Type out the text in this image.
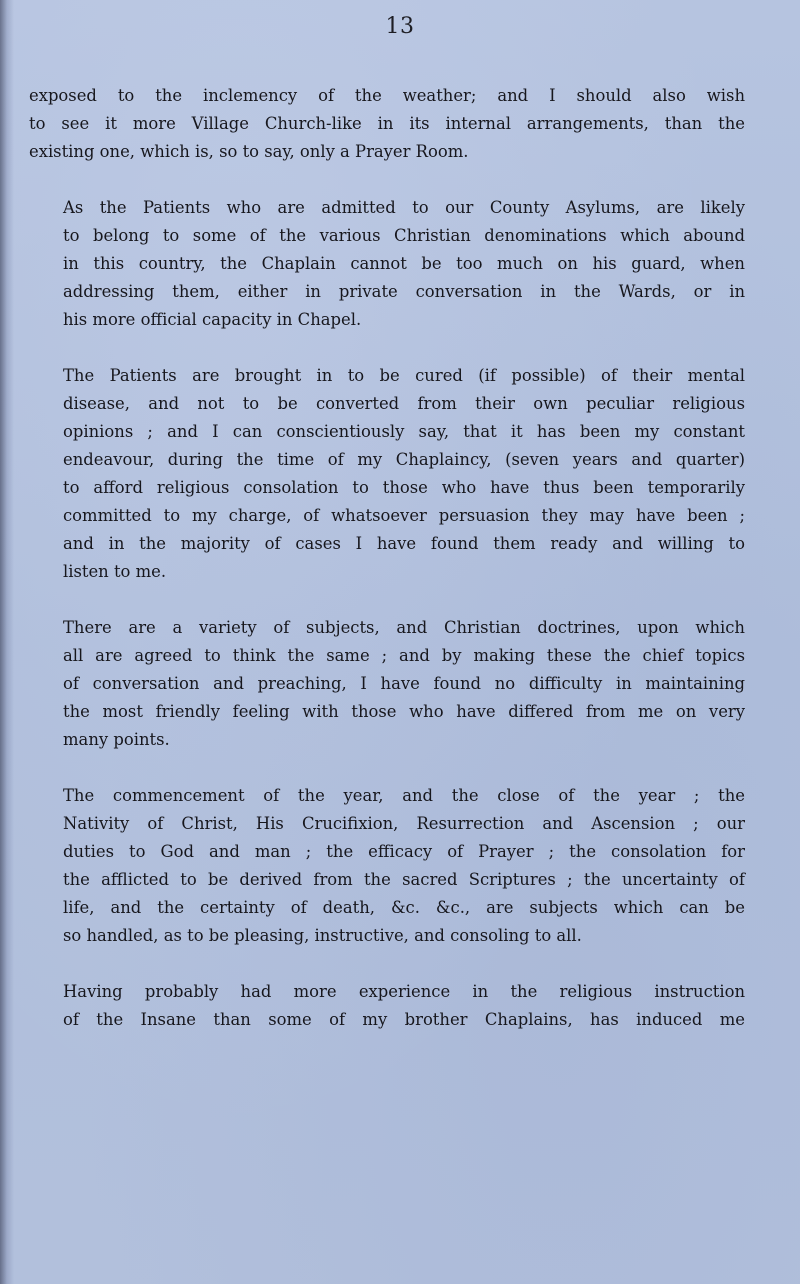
13

exposed to the inclemency of the weather; and I should also wish
to see it more Village Church-like in its internal arrangements, than the
existing one, which is, so to say, only a Prayer Room.

As the Patients who are admitted to our County Asylums, are likely
to belong to some of the various Christian denominations which abound
in this country, the Chaplain cannot be too much on his guard, when
addressing them, either in private conversation in the Wards, or in
his more official capacity in Chapel.

The Patients are brought in to be cured (if possible) of their mental
disease, and not to be converted from their own peculiar religious
opinions ; and I can conscientiously say, that it has been my constant
endeavour, during the time of my Chaplaincy, (seven years and quarter)
to afford religious consolation to those who have thus been temporarily
committed to my charge, of whatsoever persuasion they may have been ;
and in the majority of cases I have found them ready and willing to
listen to me.

There are a variety of subjects, and Christian doctrines, upon which
all are agreed to think the same ; and by making these the chief topics
of conversation and preaching, I have found no difficulty in maintaining
the most friendly feeling with those who have differed from me on very
many points.

The commencement of the year, and the close of the year ; the
Nativity of Christ, His Crucifixion, Resurrection and Ascension ; our
duties to God and man ; the efficacy of Prayer ; the consolation for
the afflicted to be derived from the sacred Scriptures ; the uncertainty of
life, and the certainty of death, &c. &c., are subjects which can be
so handled, as to be pleasing, instructive, and consoling to all.

Having probably had more experience in the religious instruction
of the Insane than some of my brother Chaplains, has induced me
